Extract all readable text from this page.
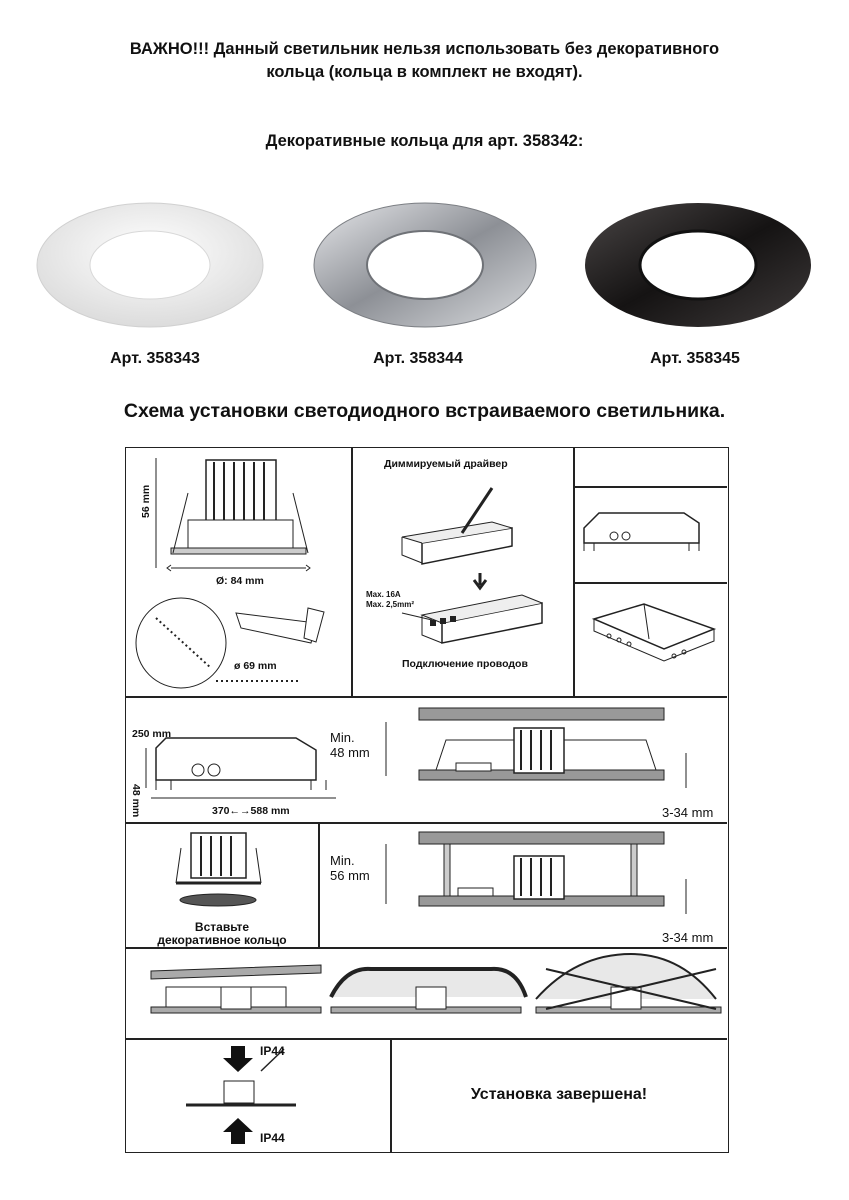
ВАЖНО!!! Данный светильник нельзя использовать без декоративного
кольца (кольца в комплект не входят).
Декоративные кольца для арт. 358342:
Арт. 358343	Арт. 358344	Арт. 358345
Схема установки светодиодного встраиваемого светильника.
56 mm
Ø: 84 mm
ø 69 mm
Диммируемый драйвер
Max. 16A
Max. 2,5mm²
Подключение проводов
250 mm
48 mm	370←→588 mm
Min.
48 mm
3-34 mm
Вставьте
декоративное кольцо
Min.
56 mm
3-34 mm
IP44
IP44
Установка завершена!
